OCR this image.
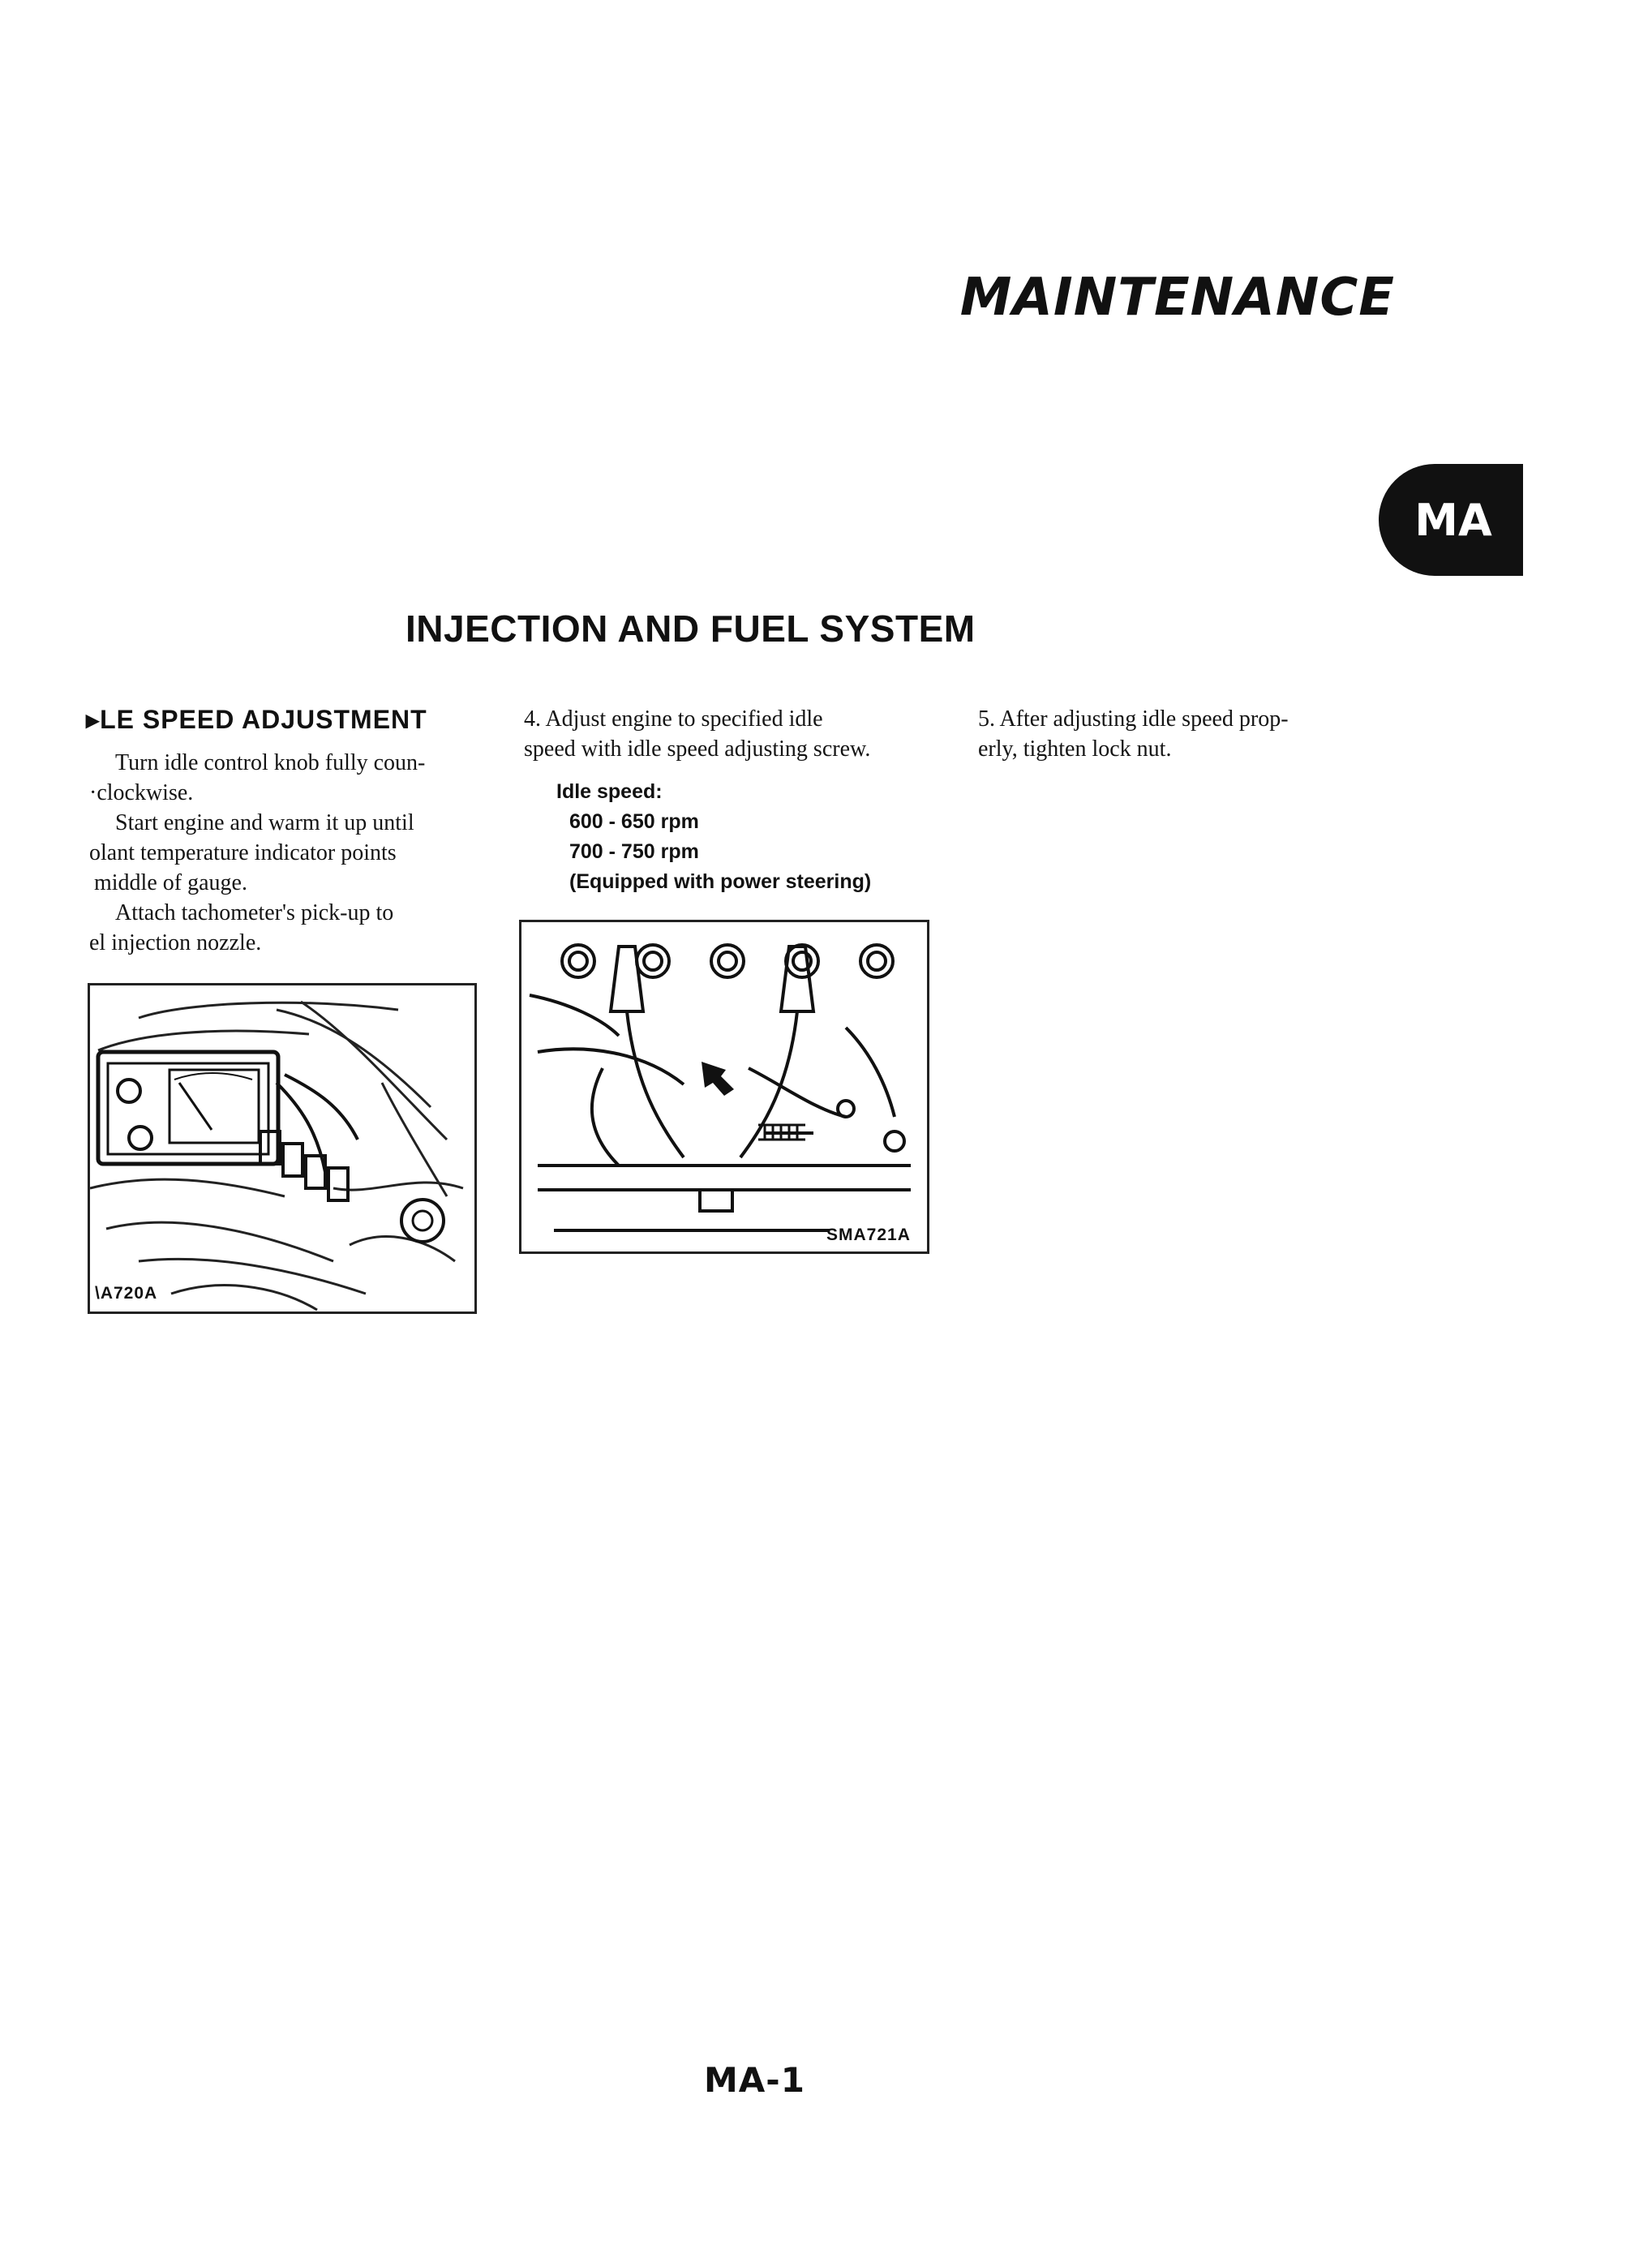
MAINTENANCE
MA
INJECTION AND FUEL SYSTEM
▸LE SPEED ADJUSTMENT
Turn idle control knob fully coun-
·clockwise.
Start engine and warm it up until
olant temperature indicator points
middle of gauge.
Attach tachometer's pick-up to
el injection nozzle.
\A720A
4. Adjust engine to specified idle
speed with idle speed adjusting screw.
Idle speed:
600 - 650 rpm
700 - 750 rpm
(Equipped with power steering)
SMA721A
5. After adjusting idle speed prop-
erly, tighten lock nut.
MA-1
